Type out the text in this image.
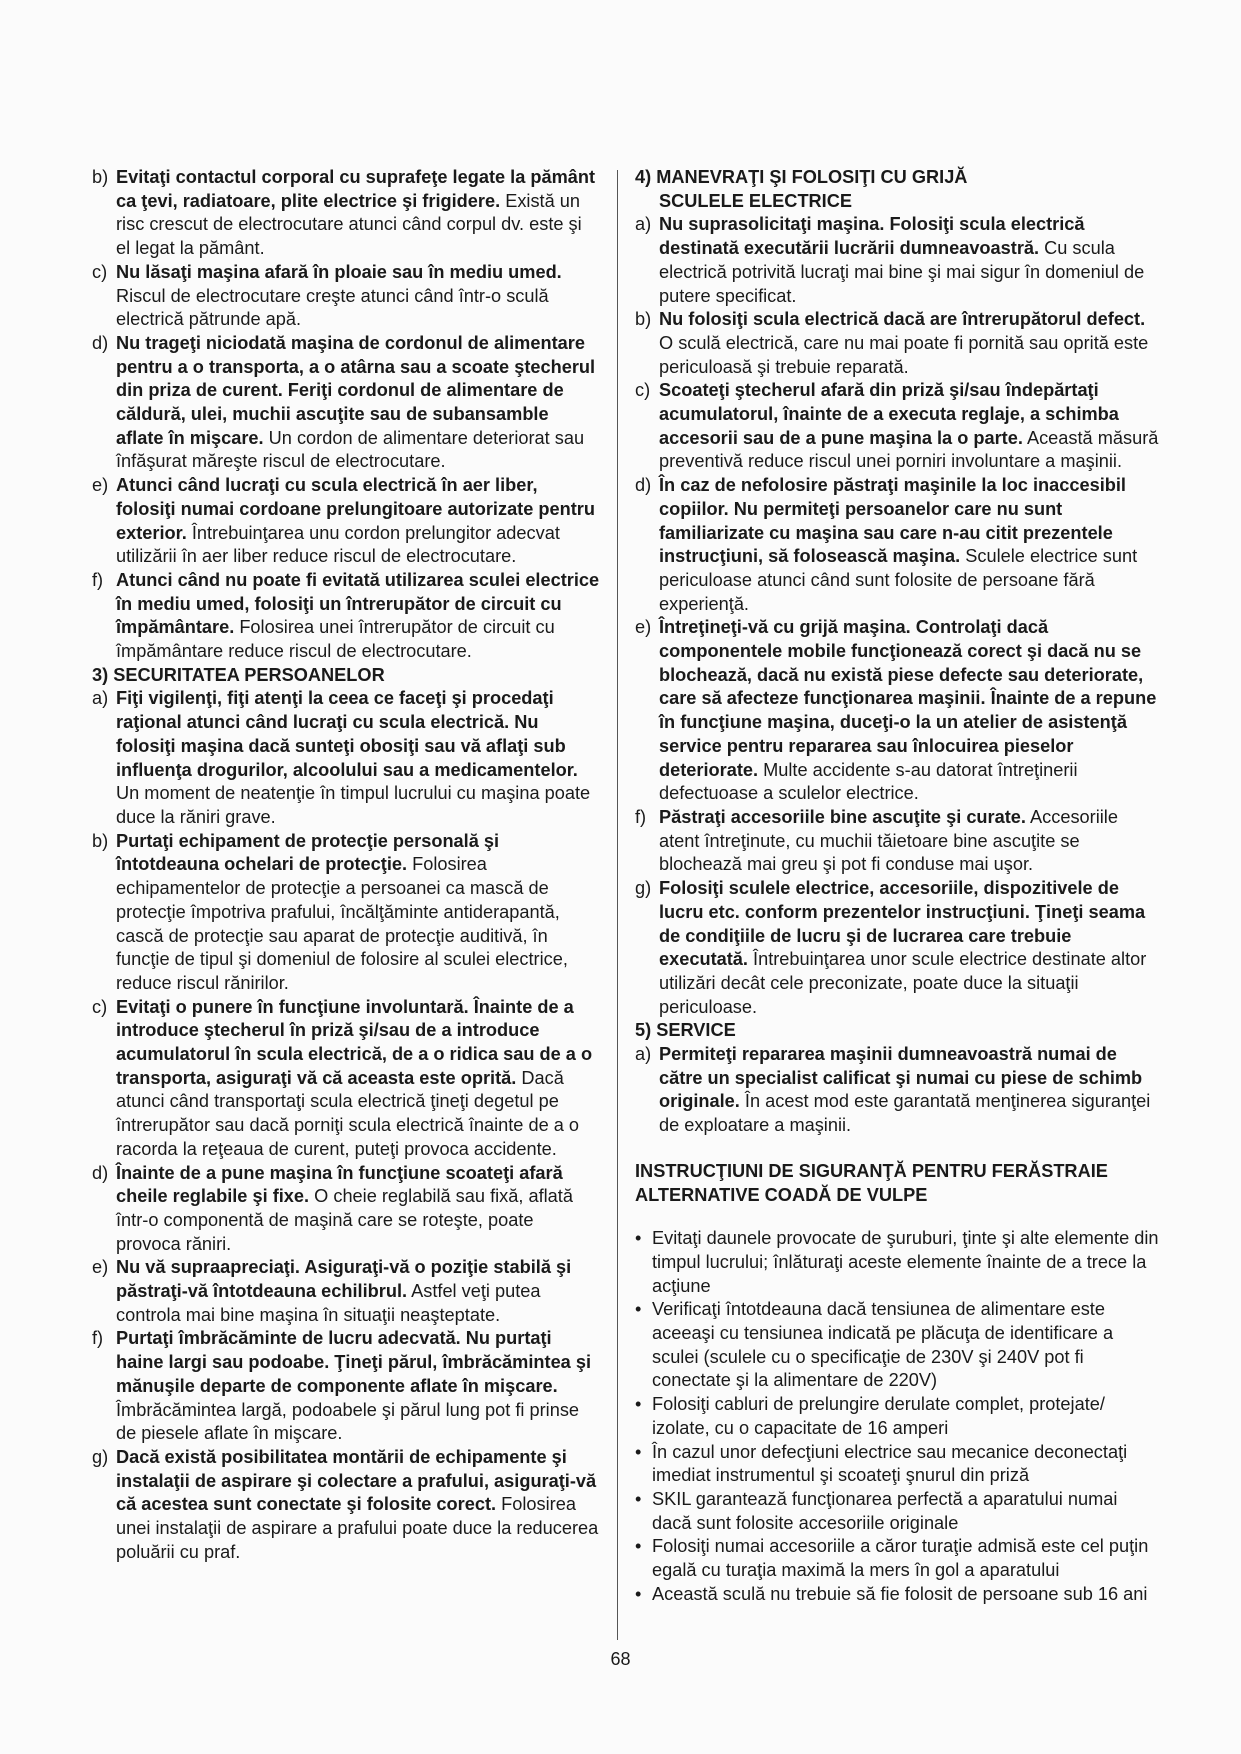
b) Evitaţi contactul corporal cu suprafeţe legate la pământ ca ţevi, radiatoare, plite electrice şi frigidere. Există un risc crescut de electrocutare atunci când corpul dv. este şi el legat la pământ.
c) Nu lăsaţi maşina afară în ploaie sau în mediu umed. Riscul de electrocutare creşte atunci când într-o sculă electrică pătrunde apă.
d) Nu trageţi niciodată maşina de cordonul de alimentare pentru a o transporta, a o atârna sau a scoate ştecherul din priza de curent. Feriţi cordonul de alimentare de căldură, ulei, muchii ascuţite sau de subansamble aflate în mişcare. Un cordon de alimentare deteriorat sau înfăşurat măreşte riscul de electrocutare.
e) Atunci când lucraţi cu scula electrică în aer liber, folosiţi numai cordoane prelungitoare autorizate pentru exterior. Întrebuinţarea unu cordon prelungitor adecvat utilizării în aer liber reduce riscul de electrocutare.
f) Atunci când nu poate fi evitată utilizarea sculei electrice în mediu umed, folosiţi un întrerupător de circuit cu împământare. Folosirea unei întrerupător de circuit cu împământare reduce riscul de electrocutare.
3) SECURITATEA PERSOANELOR
a) Fiţi vigilenţi, fiţi atenţi la ceea ce faceţi şi procedaţi raţional atunci când lucraţi cu scula electrică. Nu folosiţi maşina dacă sunteţi obosiţi sau vă aflaţi sub influenţa drogurilor, alcoolului sau a medicamentelor. Un moment de neatenţie în timpul lucrului cu maşina poate duce la răniri grave.
b) Purtaţi echipament de protecţie personală şi întotdeauna ochelari de protecţie. Folosirea echipamentelor de protecţie a persoanei ca mască de protecţie împotriva prafului, încălţăminte antiderapantă, cască de protecţie sau aparat de protecţie auditivă, în funcţie de tipul şi domeniul de folosire al sculei electrice, reduce riscul rănirilor.
c) Evitaţi o punere în funcţiune involuntară. Înainte de a introduce ştecherul în priză şi/sau de a introduce acumulatorul în scula electrică, de a o ridica sau de a o transporta, asiguraţi vă că aceasta este oprită. Dacă atunci când transportaţi scula electrică ţineţi degetul pe întrerupător sau dacă porniţi scula electrică înainte de a o racorda la reţeaua de curent, puteţi provoca accidente.
d) Înainte de a pune maşina în funcţiune scoateţi afară cheile reglabile şi fixe. O cheie reglabilă sau fixă, aflată într-o componentă de maşină care se roteşte, poate provoca răniri.
e) Nu vă supraapreciaţi. Asiguraţi-vă o poziţie stabilă şi păstraţi-vă întotdeauna echilibrul. Astfel veţi putea controla mai bine maşina în situaţii neaşteptate.
f) Purtaţi îmbrăcăminte de lucru adecvată. Nu purtaţi haine largi sau podoabe. Ţineţi părul, îmbrăcămintea şi mănuşile departe de componente aflate în mişcare. Îmbrăcămintea largă, podoabele şi părul lung pot fi prinse de piesele aflate în mişcare.
g) Dacă există posibilitatea montării de echipamente şi instalaţii de aspirare şi colectare a prafului, asiguraţi-vă că acestea sunt conectate şi folosite corect. Folosirea unei instalaţii de aspirare a prafului poate duce la reducerea poluării cu praf.
4) MANEVRAŢI ŞI FOLOSIŢI CU GRIJĂ
SCULELE ELECTRICE
a) Nu suprasolicitaţi maşina. Folosiţi scula electrică destinată executării lucrării dumneavoastră. Cu scula electrică potrivită lucraţi mai bine şi mai sigur în domeniul de putere specificat.
b) Nu folosiţi scula electrică dacă are întrerupătorul defect. O sculă electrică, care nu mai poate fi pornită sau oprită este periculoasă şi trebuie reparată.
c) Scoateţi ştecherul afară din priză şi/sau îndepărtaţi acumulatorul, înainte de a executa reglaje, a schimba accesorii sau de a pune maşina la o parte. Această măsură preventivă reduce riscul unei porniri involuntare a maşinii.
d) În caz de nefolosire păstraţi maşinile la loc inaccesibil copiilor. Nu permiteţi persoanelor care nu sunt familiarizate cu maşina sau care n-au citit prezentele instrucţiuni, să folosească maşina. Sculele electrice sunt periculoase atunci când sunt folosite de persoane fără experienţă.
e) Întreţineţi-vă cu grijă maşina. Controlaţi dacă componentele mobile funcţionează corect şi dacă nu se blochează, dacă nu există piese defecte sau deteriorate, care să afecteze funcţionarea maşinii. Înainte de a repune în funcţiune maşina, duceţi-o la un atelier de asistenţă service pentru repararea sau înlocuirea pieselor deteriorate. Multe accidente s-au datorat întreţinerii defectuoase a sculelor electrice.
f) Păstraţi accesoriile bine ascuţite şi curate. Accesoriile atent întreţinute, cu muchii tăietoare bine ascuţite se blochează mai greu şi pot fi conduse mai uşor.
g) Folosiţi sculele electrice, accesoriile, dispozitivele de lucru etc. conform prezentelor instrucţiuni. Ţineţi seama de condiţiile de lucru şi de lucrarea care trebuie executată. Întrebuinţarea unor scule electrice destinate altor utilizări decât cele preconizate, poate duce la situaţii periculoase.
5) SERVICE
a) Permiteţi repararea maşinii dumneavoastră numai de către un specialist calificat şi numai cu piese de schimb originale. În acest mod este garantată menţinerea siguranţei de exploatare a maşinii.
INSTRUCŢIUNI DE SIGURANŢĂ PENTRU FERĂSTRAIE
ALTERNATIVE COADĂ DE VULPE
• Evitaţi daunele provocate de şuruburi, ţinte şi alte elemente din timpul lucrului; înlăturaţi aceste elemente înainte de a trece la acţiune
• Verificaţi întotdeauna dacă tensiunea de alimentare este aceeaşi cu tensiunea indicată pe plăcuţa de identificare a sculei (sculele cu o specificaţie de 230V şi 240V pot fi conectate şi la alimentare de 220V)
• Folosiţi cabluri de prelungire derulate complet, protejate/ izolate, cu o capacitate de 16 amperi
• În cazul unor defecţiuni electrice sau mecanice deconectaţi imediat instrumentul şi scoateţi şnurul din priză
• SKIL garantează funcţionarea perfectă a aparatului numai dacă sunt folosite accesoriile originale
• Folosiţi numai accesoriile a căror turaţie admisă este cel puţin egală cu turaţia maximă la mers în gol a aparatului
• Această sculă nu trebuie să fie folosit de persoane sub 16 ani
68
